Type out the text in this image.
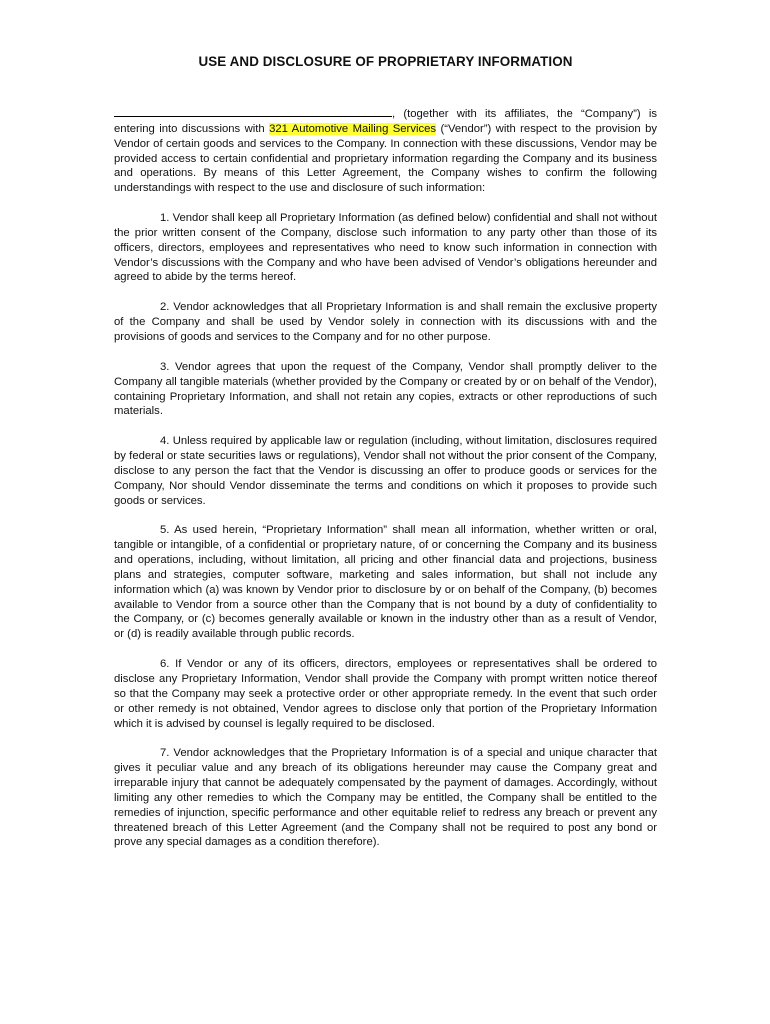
USE AND DISCLOSURE OF PROPRIETARY INFORMATION

, (together with its affiliates, the “Company”) is entering into discussions with 321 Automotive Mailing Services (“Vendor”) with respect to the provision by Vendor of certain goods and services to the Company. In connection with these discussions, Vendor may be provided access to certain confidential and proprietary information regarding the Company and its business and operations. By means of this Letter Agreement, the Company wishes to confirm the following understandings with respect to the use and disclosure of such information:

1. Vendor shall keep all Proprietary Information (as defined below) confidential and shall not without the prior written consent of the Company, disclose such information to any party other than those of its officers, directors, employees and representatives who need to know such information in connection with Vendor’s discussions with the Company and who have been advised of Vendor’s obligations hereunder and agreed to abide by the terms hereof.

2. Vendor acknowledges that all Proprietary Information is and shall remain the exclusive property of the Company and shall be used by Vendor solely in connection with its discussions with and the provisions of goods and services to the Company and for no other purpose.

3. Vendor agrees that upon the request of the Company, Vendor shall promptly deliver to the Company all tangible materials (whether provided by the Company or created by or on behalf of the Vendor), containing Proprietary Information, and shall not retain any copies, extracts or other reproductions of such materials.

4. Unless required by applicable law or regulation (including, without limitation, disclosures required by federal or state securities laws or regulations), Vendor shall not without the prior consent of the Company, disclose to any person the fact that the Vendor is discussing an offer to produce goods or services for the Company, Nor should Vendor disseminate the terms and conditions on which it proposes to provide such goods or services.

5. As used herein, “Proprietary Information” shall mean all information, whether written or oral, tangible or intangible, of a confidential or proprietary nature, of or concerning the Company and its business and operations, including, without limitation, all pricing and other financial data and projections, business plans and strategies, computer software, marketing and sales information, but shall not include any information which (a) was known by Vendor prior to disclosure by or on behalf of the Company, (b) becomes available to Vendor from a source other than the Company that is not bound by a duty of confidentiality to the Company, or (c) becomes generally available or known in the industry other than as a result of Vendor, or (d) is readily available through public records.

6. If Vendor or any of its officers, directors, employees or representatives shall be ordered to disclose any Proprietary Information, Vendor shall provide the Company with prompt written notice thereof so that the Company may seek a protective order or other appropriate remedy. In the event that such order or other remedy is not obtained, Vendor agrees to disclose only that portion of the Proprietary Information which it is advised by counsel is legally required to be disclosed.

7. Vendor acknowledges that the Proprietary Information is of a special and unique character that gives it peculiar value and any breach of its obligations hereunder may cause the Company great and irreparable injury that cannot be adequately compensated by the payment of damages. Accordingly, without limiting any other remedies to which the Company may be entitled, the Company shall be entitled to the remedies of injunction, specific performance and other equitable relief to redress any breach or prevent any threatened breach of this Letter Agreement (and the Company shall not be required to post any bond or prove any special damages as a condition therefore).
